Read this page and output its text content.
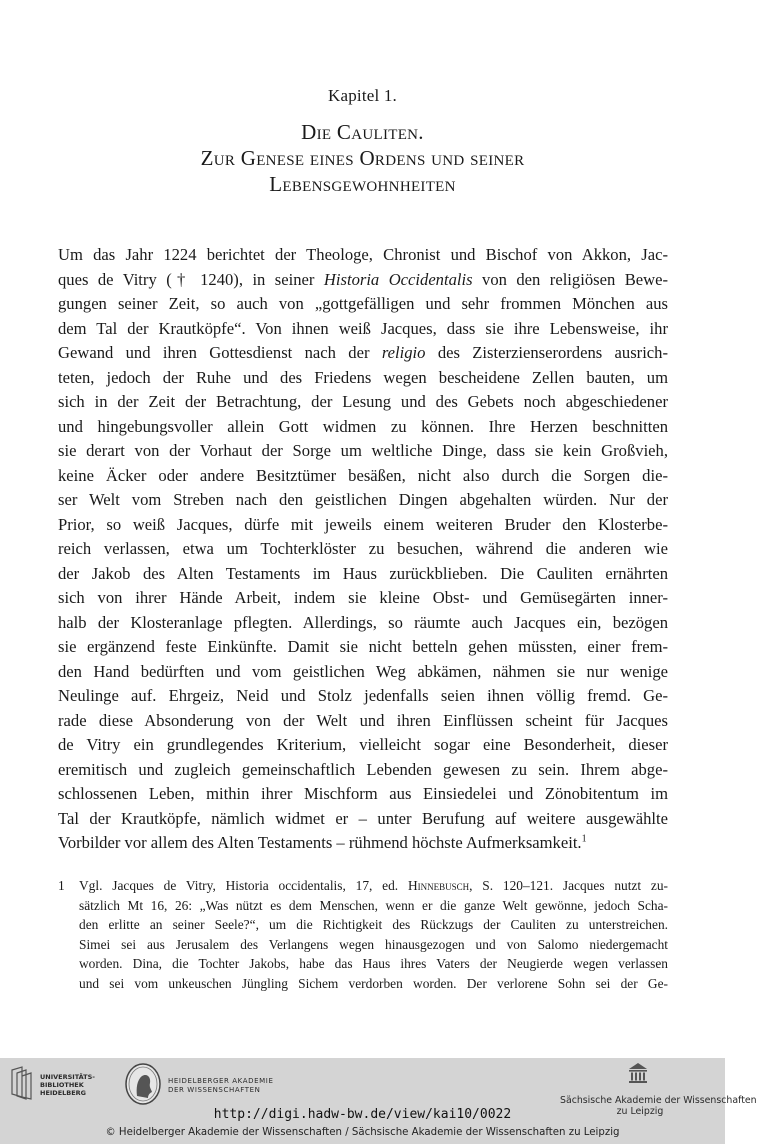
Kapitel 1.
Die Cauliten.
Zur Genese eines Ordens und seiner
Lebensgewohnheiten
Um das Jahr 1224 berichtet der Theologe, Chronist und Bischof von Akkon, Jac-
ques de Vitry († 1240), in seiner Historia Occidentalis von den religiösen Bewe-
gungen seiner Zeit, so auch von „gottgefälligen und sehr frommen Mönchen aus
dem Tal der Krautköpfe“. Von ihnen weiß Jacques, dass sie ihre Lebensweise, ihr
Gewand und ihren Gottesdienst nach der religio des Zisterzienserordens ausrich-
teten, jedoch der Ruhe und des Friedens wegen bescheidene Zellen bauten, um
sich in der Zeit der Betrachtung, der Lesung und des Gebets noch abgeschiedener
und hingebungsvoller allein Gott widmen zu können. Ihre Herzen beschnitten
sie derart von der Vorhaut der Sorge um weltliche Dinge, dass sie kein Großvieh,
keine Äcker oder andere Besitztümer besäßen, nicht also durch die Sorgen die-
ser Welt vom Streben nach den geistlichen Dingen abgehalten würden. Nur der
Prior, so weiß Jacques, dürfe mit jeweils einem weiteren Bruder den Klosterbe-
reich verlassen, etwa um Tochterklöster zu besuchen, während die anderen wie
der Jakob des Alten Testaments im Haus zurückblieben. Die Cauliten ernährten
sich von ihrer Hände Arbeit, indem sie kleine Obst- und Gemüsegärten inner-
halb der Klosteranlage pflegten. Allerdings, so räumte auch Jacques ein, bezögen
sie ergänzend feste Einkünfte. Damit sie nicht betteln gehen müssten, einer frem-
den Hand bedürften und vom geistlichen Weg abkämen, nähmen sie nur wenige
Neulinge auf. Ehrgeiz, Neid und Stolz jedenfalls seien ihnen völlig fremd. Ge-
rade diese Absonderung von der Welt und ihren Einflüssen scheint für Jacques
de Vitry ein grundlegendes Kriterium, vielleicht sogar eine Besonderheit, dieser
eremitisch und zugleich gemeinschaftlich Lebenden gewesen zu sein. Ihrem abge-
schlossenen Leben, mithin ihrer Mischform aus Einsiedelei und Zönobitentum im
Tal der Krautköpfe, nämlich widmet er – unter Berufung auf weitere ausgewählte
Vorbilder vor allem des Alten Testaments – rühmend höchste Aufmerksamkeit.$^1$
1 Vgl. Jacques de Vitry, Historia occidentalis, 17, ed. Hinnebusch, S. 120–121. Jacques nutzt zu-
sätzlich Mt 16, 26: „Was nützt es dem Menschen, wenn er die ganze Welt gewönne, jedoch Scha-
den erlitte an seiner Seele?“, um die Richtigkeit des Rückzugs der Cauliten zu unterstreichen.
Simei sei aus Jerusalem des Verlangens wegen hinausgezogen und von Salomo niedergemacht
worden. Dina, die Tochter Jakobs, habe das Haus ihres Vaters der Neugierde wegen verlassen
und sei vom unkeuschen Jüngling Sichem verdorben worden. Der verlorene Sohn sei der Ge-
UNIVERSITÄTS-
BIBLIOTHEK
HEIDELBERG
HEIDELBERGER AKADEMIE
DER WISSENSCHAFTEN
Sächsische Akademie der Wissenschaften
zu Leipzig
http://digi.hadw-bw.de/view/kai10/0022
© Heidelberger Akademie der Wissenschaften / Sächsische Akademie der Wissenschaften zu Leipzig
